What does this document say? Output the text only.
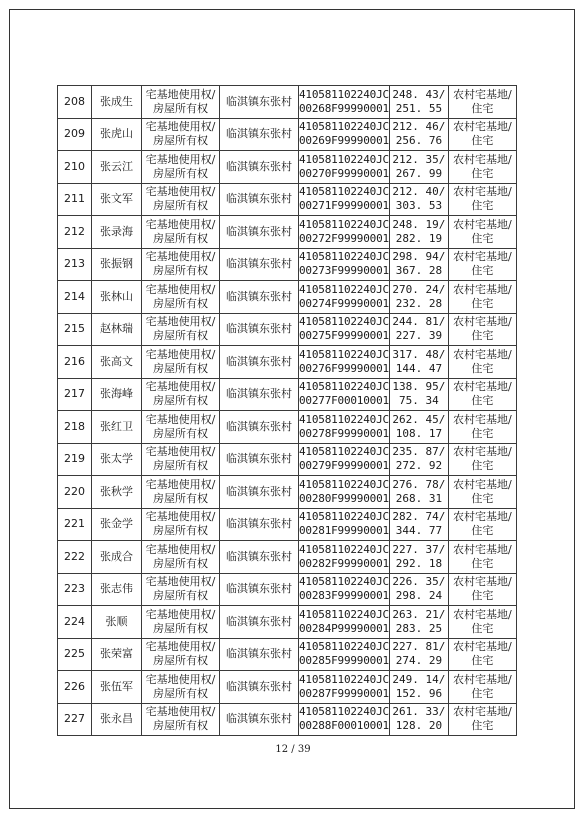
208	张成生	宅基地使用权/
房屋所有权	临淇镇东张村	410581102240JC
00268F99990001	248. 43/
251. 55	农村宅基地/
住宅

209	张虎山	宅基地使用权/
房屋所有权	临淇镇东张村	410581102240JC
00269F99990001	212. 46/
256. 76	农村宅基地/
住宅

210	张云江	宅基地使用权/
房屋所有权	临淇镇东张村	410581102240JC
00270F99990001	212. 35/
267. 99	农村宅基地/
住宅

211	张文军	宅基地使用权/
房屋所有权	临淇镇东张村	410581102240JC
00271F99990001	212. 40/
303. 53	农村宅基地/
住宅

212	张录海	宅基地使用权/
房屋所有权	临淇镇东张村	410581102240JC
00272F99990001	248. 19/
282. 19	农村宅基地/
住宅

213	张振钢	宅基地使用权/
房屋所有权	临淇镇东张村	410581102240JC
00273F99990001	298. 94/
367. 28	农村宅基地/
住宅

214	张林山	宅基地使用权/
房屋所有权	临淇镇东张村	410581102240JC
00274F99990001	270. 24/
232. 28	农村宅基地/
住宅

215	赵林瑞	宅基地使用权/
房屋所有权	临淇镇东张村	410581102240JC
00275F99990001	244. 81/
227. 39	农村宅基地/
住宅

216	张高文	宅基地使用权/
房屋所有权	临淇镇东张村	410581102240JC
00276F99990001	317. 48/
144. 47	农村宅基地/
住宅

217	张海峰	宅基地使用权/
房屋所有权	临淇镇东张村	410581102240JC
00277F00010001	138. 95/
75. 34	农村宅基地/
住宅

218	张红卫	宅基地使用权/
房屋所有权	临淇镇东张村	410581102240JC
00278F99990001	262. 45/
108. 17	农村宅基地/
住宅

219	张太学	宅基地使用权/
房屋所有权	临淇镇东张村	410581102240JC
00279F99990001	235. 87/
272. 92	农村宅基地/
住宅

220	张秋学	宅基地使用权/
房屋所有权	临淇镇东张村	410581102240JC
00280F99990001	276. 78/
268. 31	农村宅基地/
住宅

221	张金学	宅基地使用权/
房屋所有权	临淇镇东张村	410581102240JC
00281F99990001	282. 74/
344. 77	农村宅基地/
住宅

222	张成合	宅基地使用权/
房屋所有权	临淇镇东张村	410581102240JC
00282F99990001	227. 37/
292. 18	农村宅基地/
住宅

223	张志伟	宅基地使用权/
房屋所有权	临淇镇东张村	410581102240JC
00283F99990001	226. 35/
298. 24	农村宅基地/
住宅

224	张顺	宅基地使用权/
房屋所有权	临淇镇东张村	410581102240JC
00284P99990001	263. 21/
283. 25	农村宅基地/
住宅

225	张荣富	宅基地使用权/
房屋所有权	临淇镇东张村	410581102240JC
00285F99990001	227. 81/
274. 29	农村宅基地/
住宅

226	张伍军	宅基地使用权/
房屋所有权	临淇镇东张村	410581102240JC
00287F99990001	249. 14/
152. 96	农村宅基地/
住宅

227	张永昌	宅基地使用权/
房屋所有权	临淇镇东张村	410581102240JC
00288F00010001	261. 33/
128. 20	农村宅基地/
住宅
12 / 39
